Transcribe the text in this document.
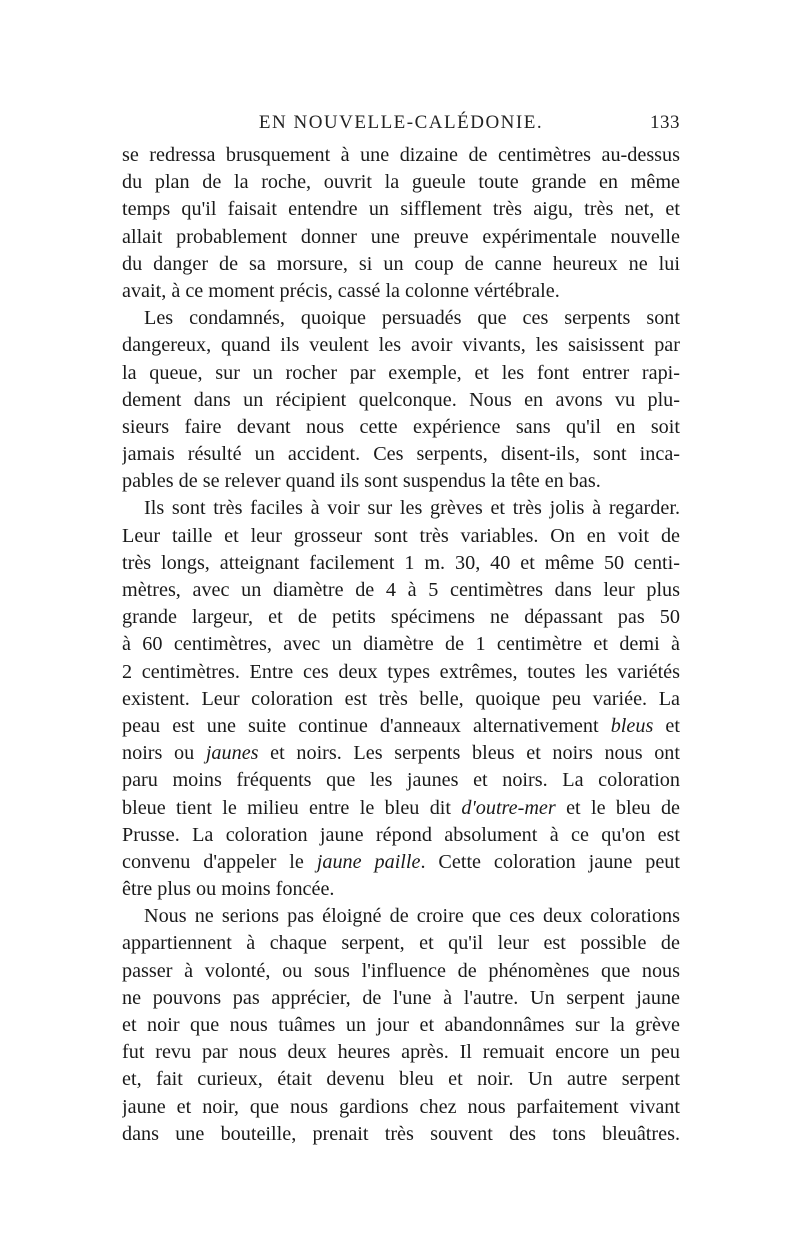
EN NOUVELLE-CALÉDONIE.	133
se redressa brusquement à une dizaine de centimètres au-dessus
du plan de la roche, ouvrit la gueule toute grande en même
temps qu'il faisait entendre un sifflement très aigu, très net, et
allait probablement donner une preuve expérimentale nouvelle
du danger de sa morsure, si un coup de canne heureux ne lui
avait, à ce moment précis, cassé la colonne vértébrale.
Les condamnés, quoique persuadés que ces serpents sont
dangereux, quand ils veulent les avoir vivants, les saisissent par
la queue, sur un rocher par exemple, et les font entrer rapi-
dement dans un récipient quelconque. Nous en avons vu plu-
sieurs faire devant nous cette expérience sans qu'il en soit
jamais résulté un accident. Ces serpents, disent-ils, sont inca-
pables de se relever quand ils sont suspendus la tête en bas.
Ils sont très faciles à voir sur les grèves et très jolis à regarder.
Leur taille et leur grosseur sont très variables. On en voit de
très longs, atteignant facilement 1 m. 30, 40 et même 50 centi-
mètres, avec un diamètre de 4 à 5 centimètres dans leur plus
grande largeur, et de petits spécimens ne dépassant pas 50
à 60 centimètres, avec un diamètre de 1 centimètre et demi à
2 centimètres. Entre ces deux types extrêmes, toutes les variétés
existent. Leur coloration est très belle, quoique peu variée. La
peau est une suite continue d'anneaux alternativement bleus et
noirs ou jaunes et noirs. Les serpents bleus et noirs nous ont
paru moins fréquents que les jaunes et noirs. La coloration
bleue tient le milieu entre le bleu dit d'outre-mer et le bleu de
Prusse. La coloration jaune répond absolument à ce qu'on est
convenu d'appeler le jaune paille. Cette coloration jaune peut
être plus ou moins foncée.
Nous ne serions pas éloigné de croire que ces deux colorations
appartiennent à chaque serpent, et qu'il leur est possible de
passer à volonté, ou sous l'influence de phénomènes que nous
ne pouvons pas apprécier, de l'une à l'autre. Un serpent jaune
et noir que nous tuâmes un jour et abandonnâmes sur la grève
fut revu par nous deux heures après. Il remuait encore un peu
et, fait curieux, était devenu bleu et noir. Un autre serpent
jaune et noir, que nous gardions chez nous parfaitement vivant
dans une bouteille, prenait très souvent des tons bleuâtres.
